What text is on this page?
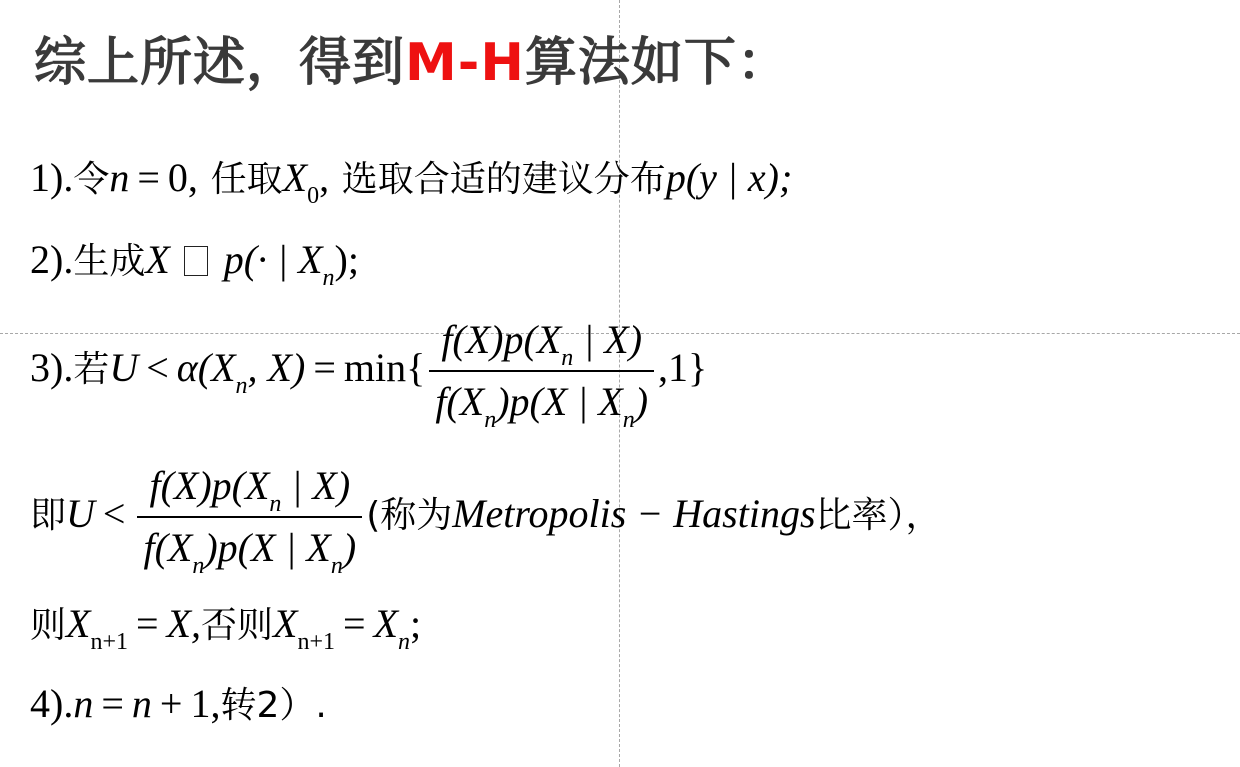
综上所述，得到M-H算法如下：
1).令n = 0, 任取$X_0$, 选取合适的建议分布p(y | x);
2).生成X p(· | $X_n$);
3).若$U < \alpha(X_n$, $X) = \min\{ \frac{f(X)p(X_n | X)}{f(X_n)p(X | X_n)} ,1\}$
即$U < \frac{f(X)p(X_n | X)}{f(X_n)p(X | X_n)}$ (称为Metropolis − Hastings比率），
则$X_{n+1} = X$,否则$X_{n+1} = X_n$;
4).n = n + 1,转2）.
